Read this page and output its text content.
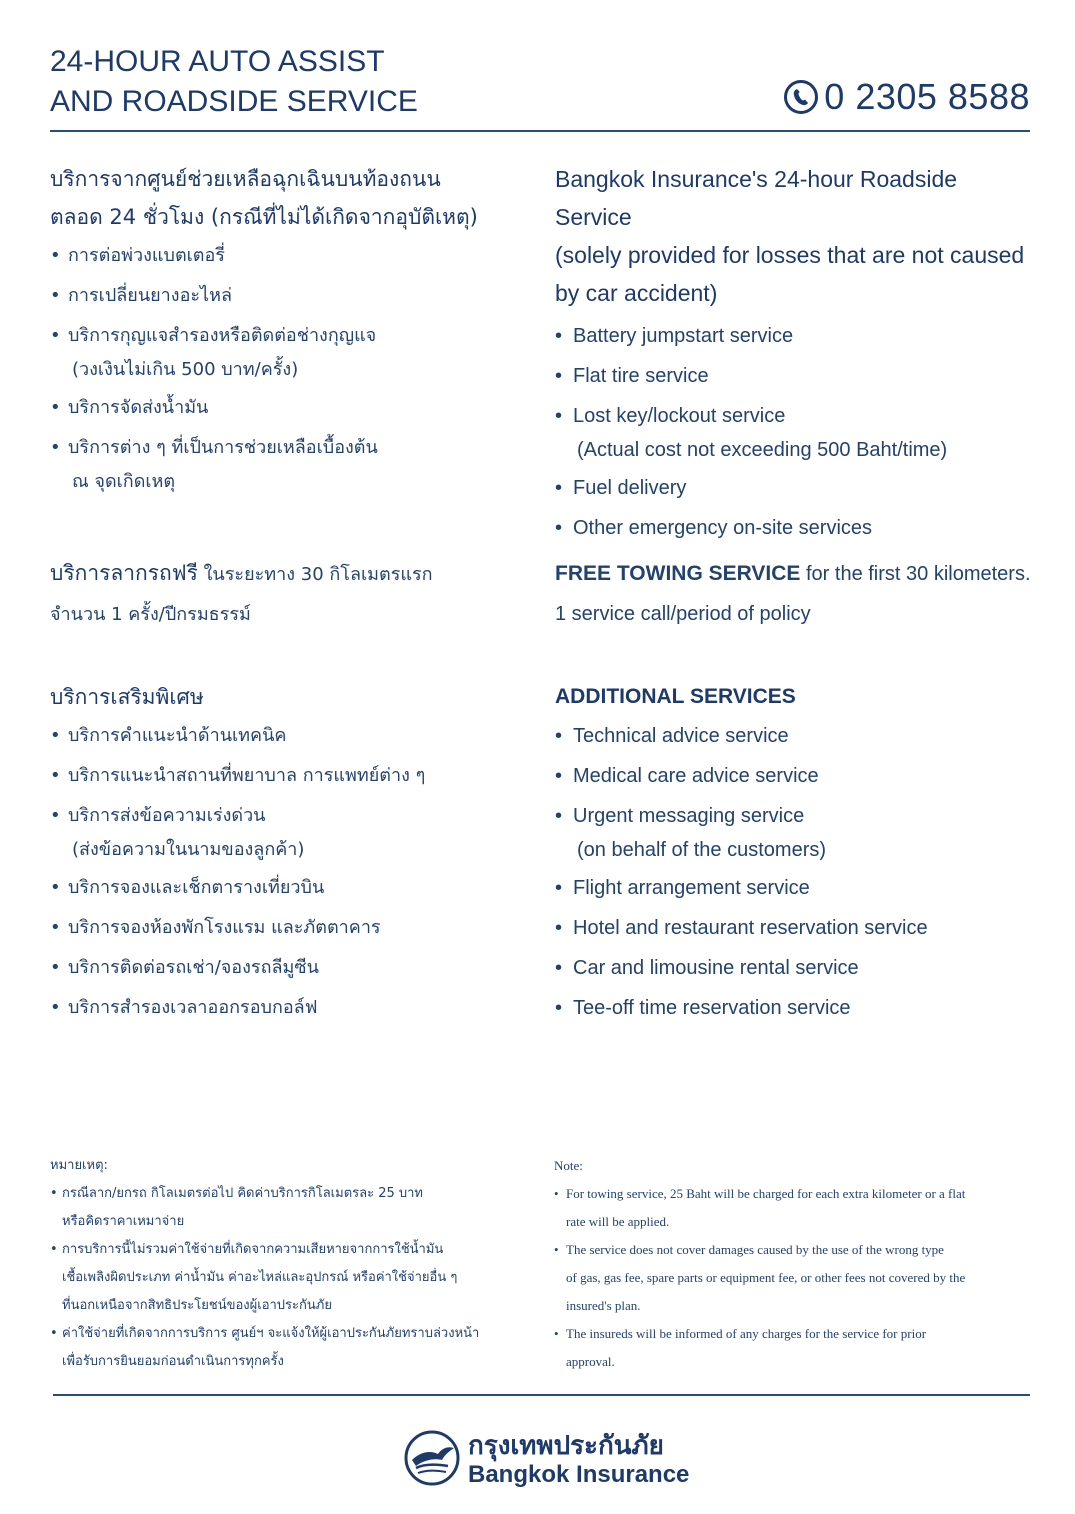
24-HOUR AUTO ASSIST
AND ROADSIDE SERVICE	0 2305 8588
บริการจากศูนย์ช่วยเหลือฉุกเฉินบนท้องถนน
ตลอด 24 ชั่วโมง (กรณีที่ไม่ได้เกิดจากอุบัติเหตุ)
• การต่อพ่วงแบตเตอรี่
• การเปลี่ยนยางอะไหล่
• บริการกุญแจสำรองหรือติดต่อช่างกุญแจ
(วงเงินไม่เกิน 500 บาท/ครั้ง)
• บริการจัดส่งน้ำมัน
• บริการต่าง ๆ ที่เป็นการช่วยเหลือเบื้องต้น
ณ จุดเกิดเหตุ
Bangkok Insurance's 24-hour Roadside Service
(solely provided for losses that are not caused
by car accident)
• Battery jumpstart service
• Flat tire service
• Lost key/lockout service
(Actual cost not exceeding 500 Baht/time)
• Fuel delivery
• Other emergency on-site services
บริการลากรถฟรี ในระยะทาง 30 กิโลเมตรแรก
จำนวน 1 ครั้ง/ปีกรมธรรม์
FREE TOWING SERVICE for the first 30 kilometers.
1 service call/period of policy
บริการเสริมพิเศษ
• บริการคำแนะนำด้านเทคนิค
• บริการแนะนำสถานที่พยาบาล การแพทย์ต่าง ๆ
• บริการส่งข้อความเร่งด่วน
(ส่งข้อความในนามของลูกค้า)
• บริการจองและเช็กตารางเที่ยวบิน
• บริการจองห้องพักโรงแรม และภัตตาคาร
• บริการติดต่อรถเช่า/จองรถลีมูซีน
• บริการสำรองเวลาออกรอบกอล์ฟ
ADDITIONAL SERVICES
• Technical advice service
• Medical care advice service
• Urgent messaging service
(on behalf of the customers)
• Flight arrangement service
• Hotel and restaurant reservation service
• Car and limousine rental service
• Tee-off time reservation service
หมายเหตุ:
• กรณีลาก/ยกรถ กิโลเมตรต่อไป คิดค่าบริการกิโลเมตรละ 25 บาท
หรือคิดราคาเหมาจ่าย
• การบริการนี้ไม่รวมค่าใช้จ่ายที่เกิดจากความเสียหายจากการใช้น้ำมัน
เชื้อเพลิงผิดประเภท ค่าน้ำมัน ค่าอะไหล่และอุปกรณ์ หรือค่าใช้จ่ายอื่น ๆ
ที่นอกเหนือจากสิทธิประโยชน์ของผู้เอาประกันภัย
• ค่าใช้จ่ายที่เกิดจากการบริการ ศูนย์ฯ จะแจ้งให้ผู้เอาประกันภัยทราบล่วงหน้า
เพื่อรับการยินยอมก่อนดำเนินการทุกครั้ง
Note:
• For towing service, 25 Baht will be charged for each extra kilometer or a flat
rate will be applied.
• The service does not cover damages caused by the use of the wrong type
of gas, gas fee, spare parts or equipment fee, or other fees not covered by the
insured's plan.
• The insureds will be informed of any charges for the service for prior
approval.
กรุงเทพประกันภัย
Bangkok Insurance
